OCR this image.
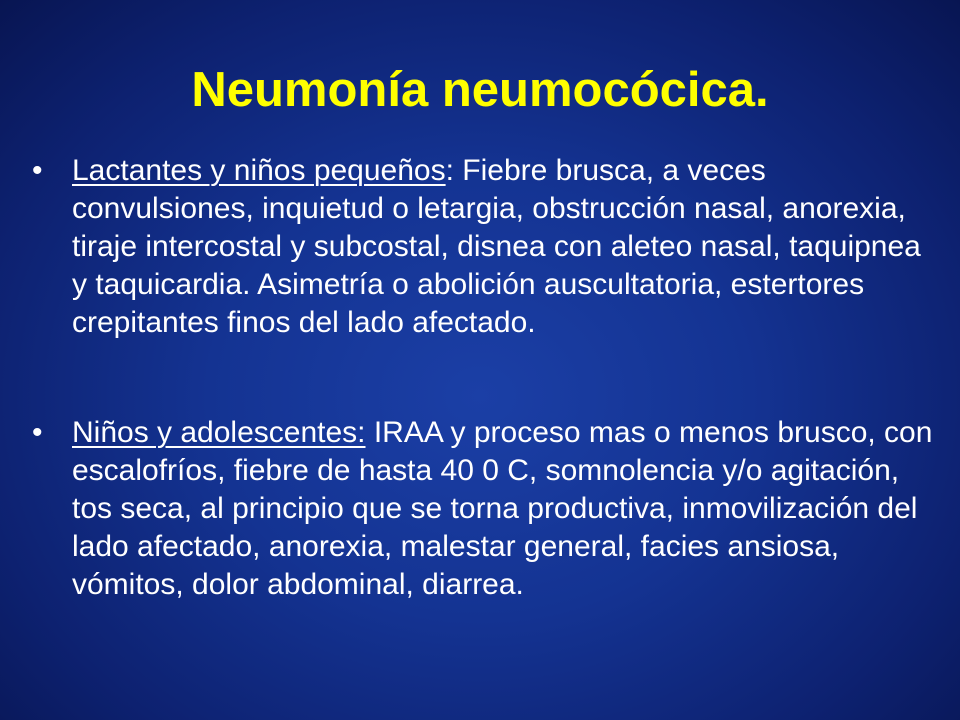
Neumonía neumocócica.
• Lactantes y niños pequeños: Fiebre brusca, a veces convulsiones, inquietud o letargia, obstrucción nasal, anorexia, tiraje intercostal y subcostal, disnea con aleteo nasal, taquipnea y taquicardia. Asimetría o abolición auscultatoria, estertores crepitantes finos del lado afectado.
• Niños y adolescentes: IRAA y proceso mas o menos brusco, con escalofríos, fiebre de hasta 40 0 C, somnolencia y/o agitación, tos seca, al principio que se torna productiva, inmovilización del lado afectado, anorexia, malestar general, facies ansiosa, vómitos, dolor abdominal, diarrea.
